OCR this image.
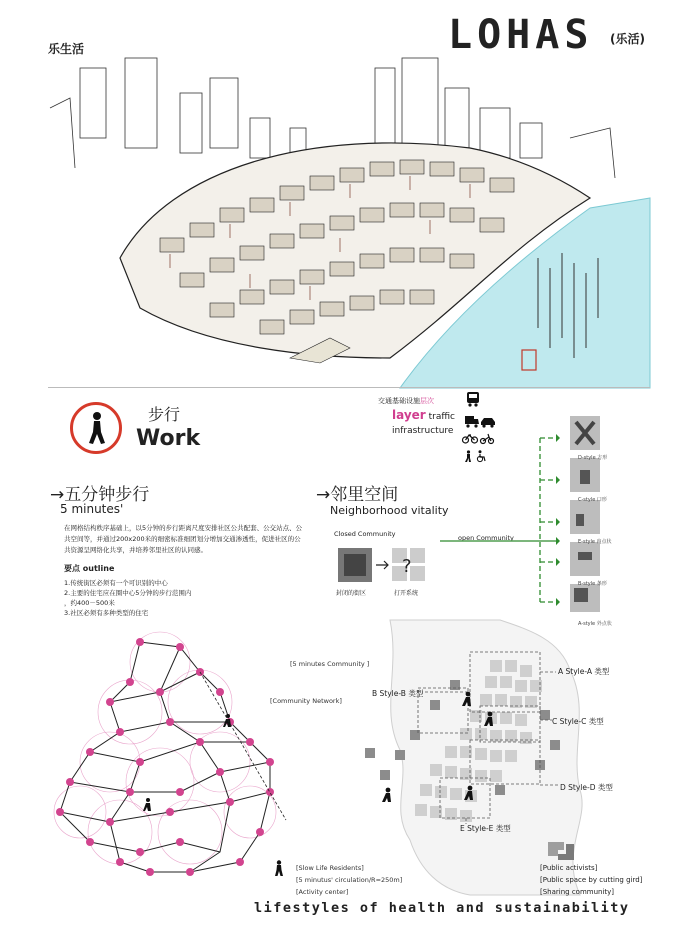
乐生活	LOHAS (乐活)
步行
Work
交通基础设施层次
layer traffic
infrastructure
→五分钟步行
5 minutes'
在网格结构秩序基础上，以5分钟的步行距离尺度安排社区公共配套、公交站点、公共空间等，并通过200x200米的细密标准细团划分增加交通渗透性，促进社区的公共资源呈网络化共享，并培养邻里社区的认同感。
要点 outline
1.传统街区必须有一个可识别的中心
2.主要的住宅应在圈中心5分钟的步行范围内
，约400－500米
3.社区必须有多种类型的住宅
→邻里空间
Neighborhood vitality
Closed Community	open Community
封闭的街区	打开系统
?
D-style 方形
C-style 口形
E-style 内点状
B-style 条形
A-style 外点状
[5 minutes Community ]
[Community Network]
[Slow Life Residents]
[5 minutus' circulation/R=250m]
[Activity center]
A Style-A 类型
B Style-B 类型
C Style-C 类型
D Style-D 类型
E Style-E 类型
[Public activists]
[Public space by cutting gird]
[Sharing community]
lifestyles of health and sustainability
